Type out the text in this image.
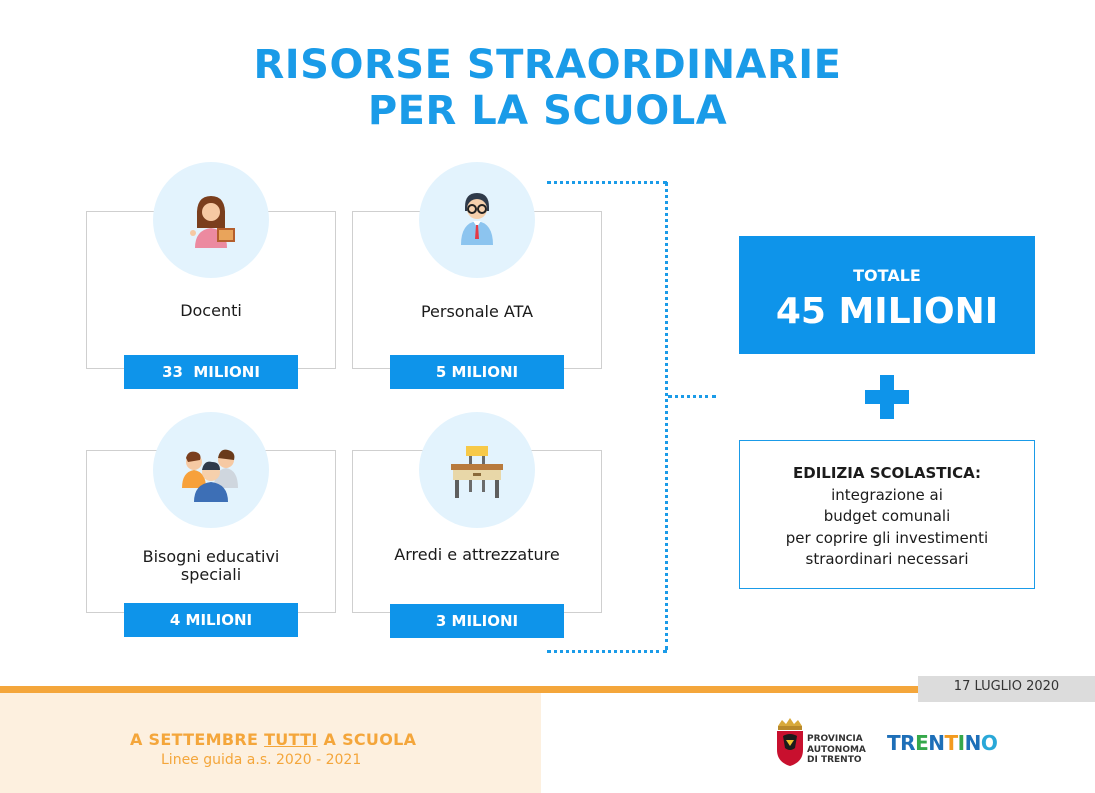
RISORSE STRAORDINARIE
PER LA SCUOLA
Docenti
33  MILIONI
Personale ATA
5 MILIONI
Bisogni educativi
speciali
4 MILIONI
Arredi e attrezzature
3 MILIONI
TOTALE
45 MILIONI
EDILIZIA SCOLASTICA:
integrazione ai
budget comunali
per coprire gli investimenti
straordinari necessari
17 LUGLIO 2020
A SETTEMBRE TUTTI A SCUOLA
Linee guida a.s. 2020 - 2021
PROVINCIA
AUTONOMA
DI TRENTO
TRENTINO
